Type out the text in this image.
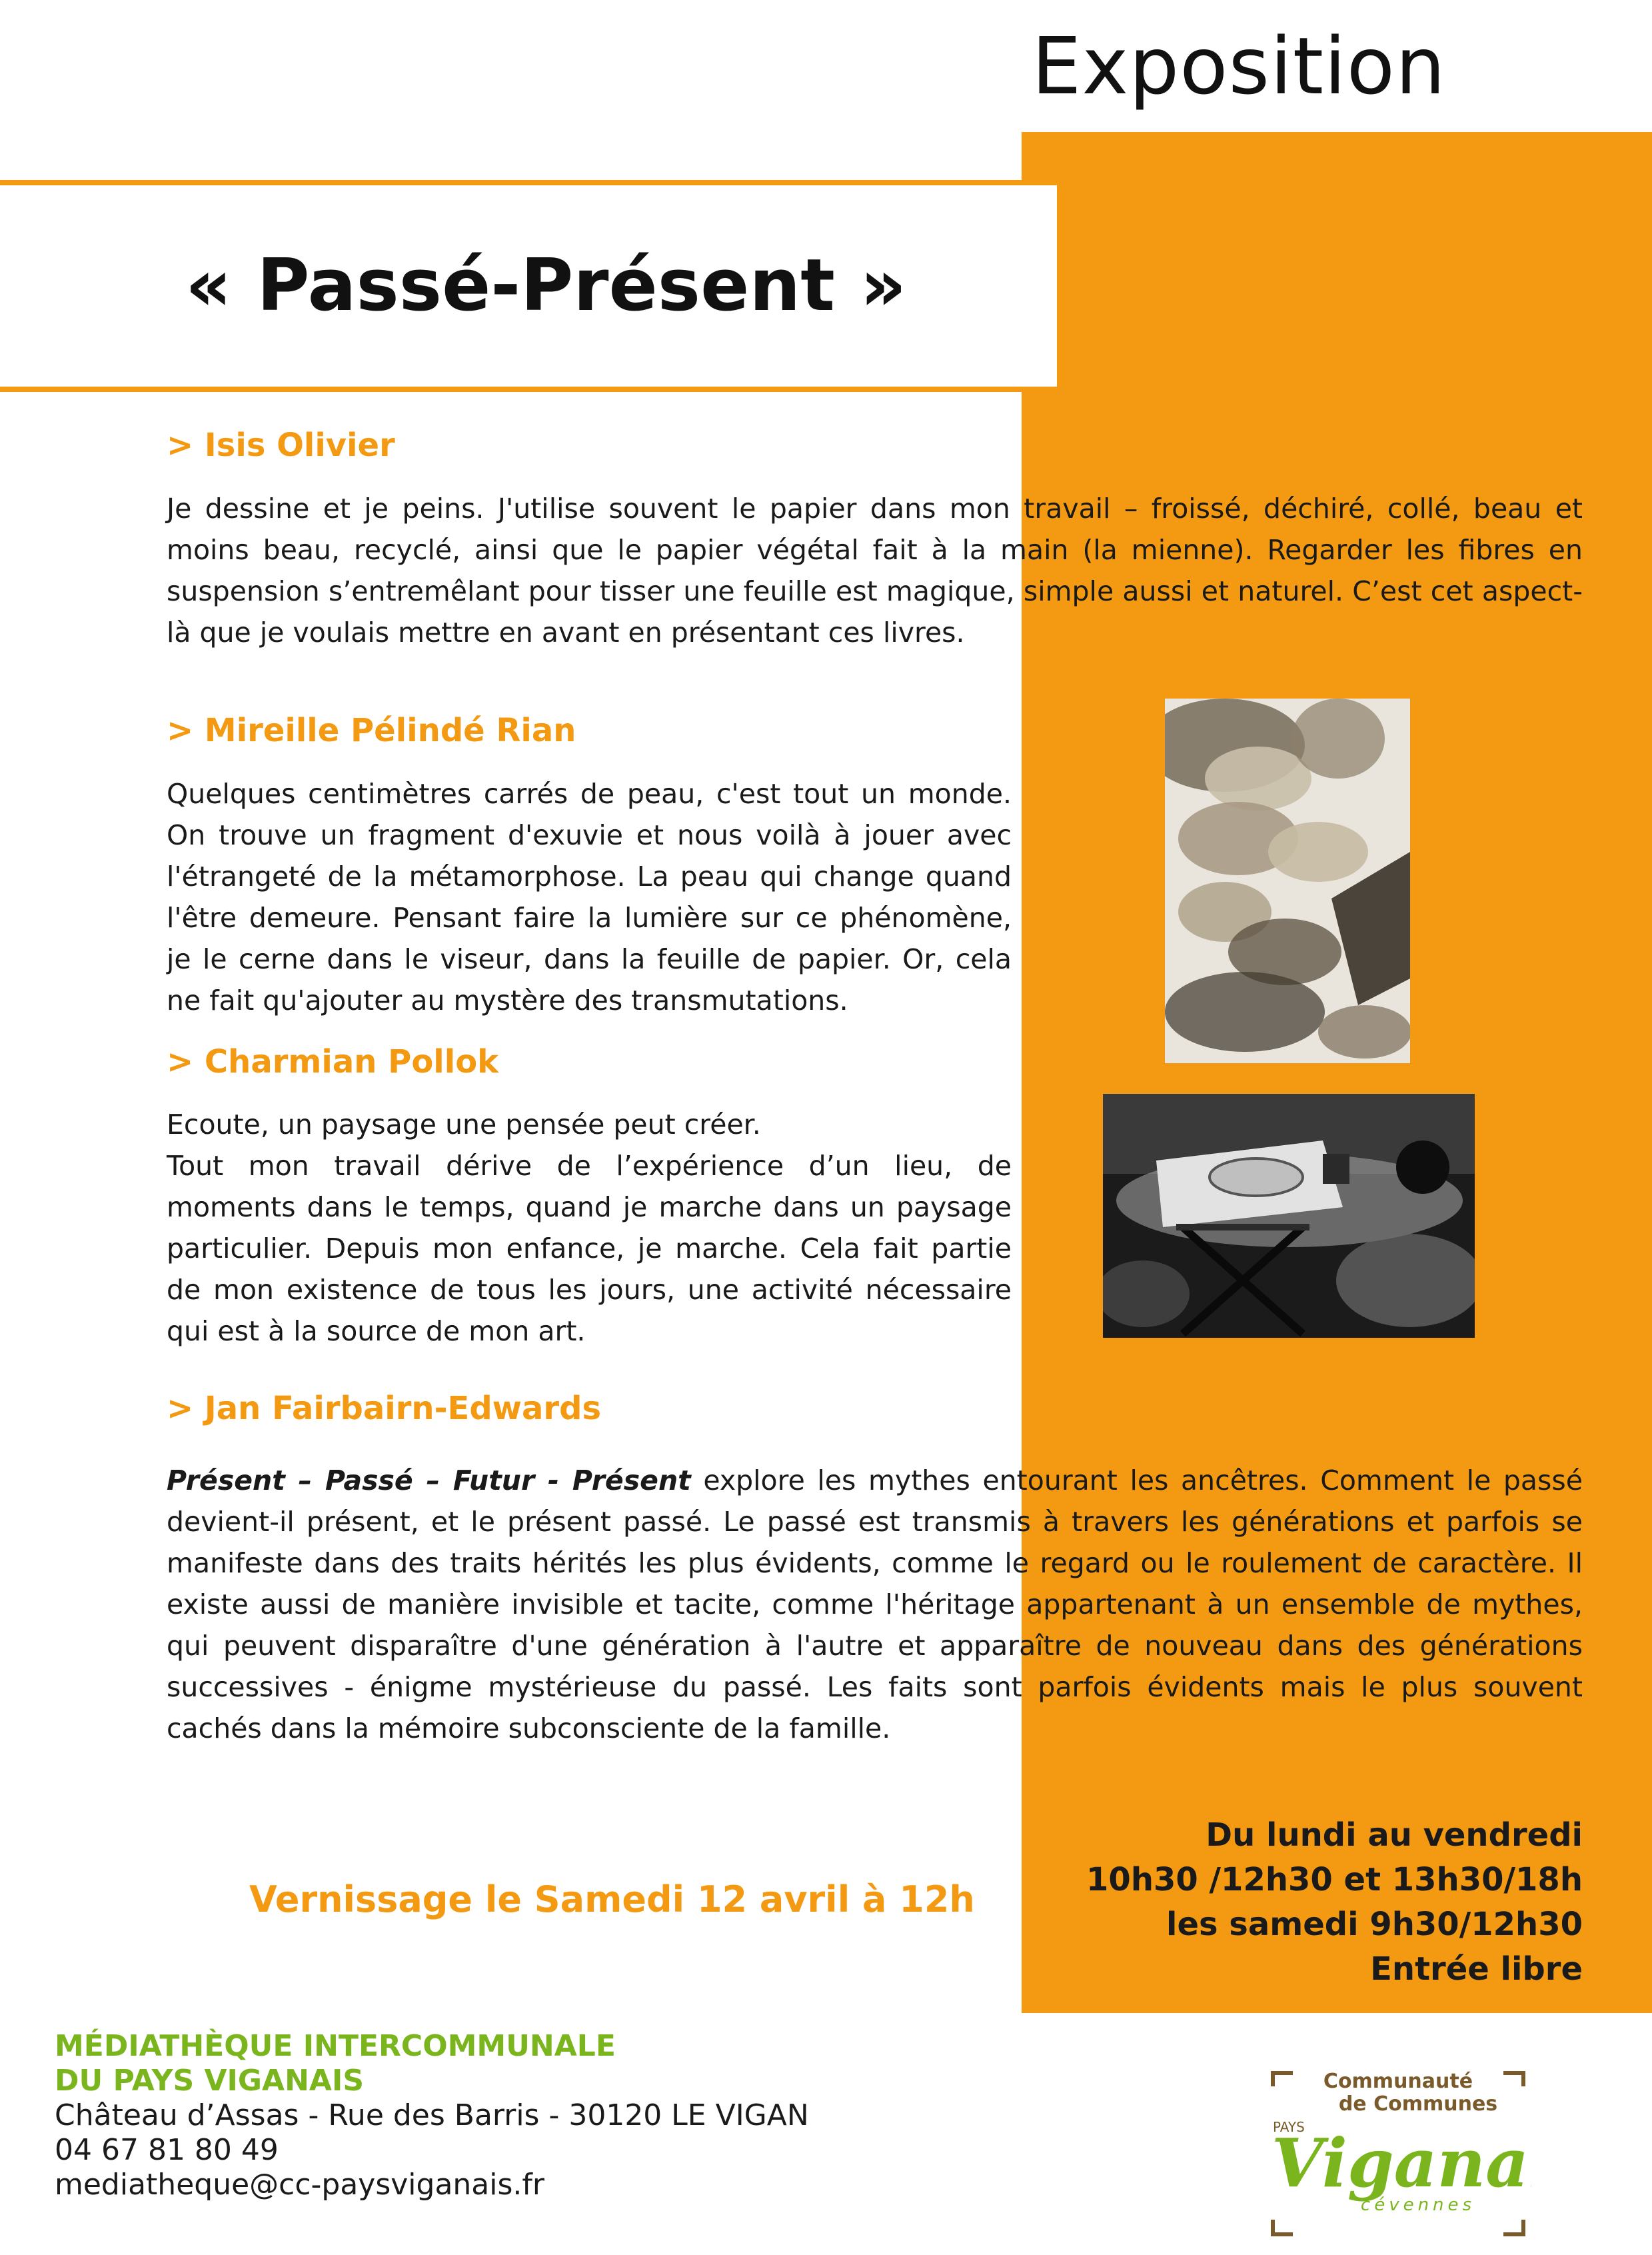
Exposition
« Passé-Présent »
> Isis Olivier

Je dessine et je peins. J'utilise souvent le papier dans mon travail – froissé, déchiré, collé, beau et moins beau, recyclé, ainsi que le papier végétal fait à la main (la mienne). Regarder les fibres en suspension s’entremêlant pour tisser une feuille est magique, simple aussi et naturel. C’est cet aspect-là que je voulais mettre en avant en présentant ces livres.

> Mireille Pélindé Rian

Quelques centimètres carrés de peau, c'est tout un monde. On trouve un fragment d'exuvie et nous voilà à jouer avec l'étrangeté de la métamorphose. La peau qui change quand l'être demeure. Pensant faire la lumière sur ce phénomène, je le cerne dans le viseur, dans la feuille de papier. Or, cela ne fait qu'ajouter au mystère des transmutations.

> Charmian Pollok

Ecoute, un paysage une pensée peut créer.
Tout mon travail dérive de l’expérience d’un lieu, de moments dans le temps, quand je marche dans un paysage particulier. Depuis mon enfance, je marche. Cela fait partie de mon existence de tous les jours, une activité nécessaire qui est à la source de mon art.

> Jan Fairbairn-Edwards

Présent – Passé – Futur - Présent explore les mythes entourant les ancêtres. Comment le passé devient-il présent, et le présent passé. Le passé est transmis à travers les générations et parfois se manifeste dans des traits hérités les plus évidents, comme le regard ou le roulement de caractère. Il existe aussi de manière invisible et tacite, comme l'héritage appartenant à un ensemble de mythes, qui peuvent disparaître d'une génération à l'autre et apparaître de nouveau dans des générations successives - énigme mystérieuse du passé. Les faits sont parfois évidents mais le plus souvent cachés dans la mémoire subconsciente de la famille.

Vernissage le Samedi 12 avril à 12h
Du lundi au vendredi
10h30 /12h30 et 13h30/18h
les samedi 9h30/12h30
Entrée libre
MÉDIATHÈQUE INTERCOMMUNALE
DU PAYS VIGANAIS
Château d’Assas - Rue des Barris - 30120 LE VIGAN
04 67 81 80 49
mediatheque@cc-paysviganais.fr
Communauté
de Communes
PAYS
Vigana
cévennes
